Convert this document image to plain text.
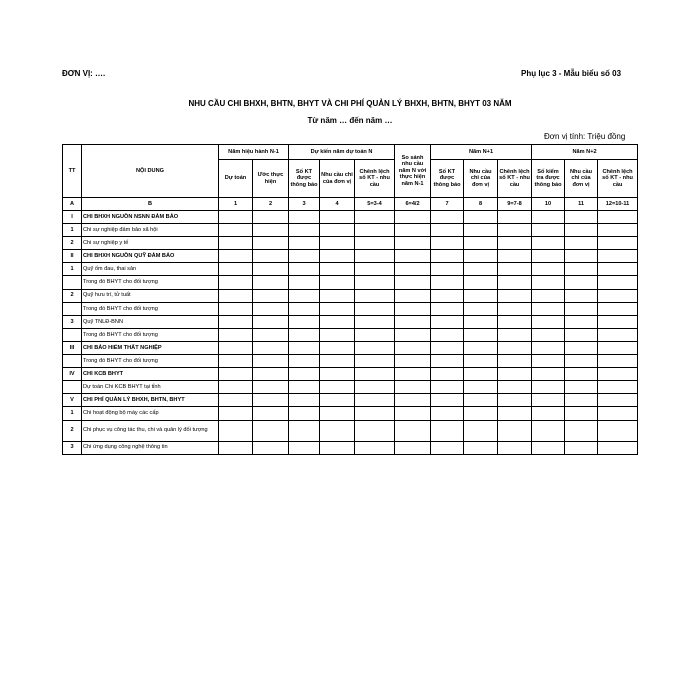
ĐƠN VỊ: ….	Phụ lục 3 - Mẫu biểu số 03
NHU CẦU CHI BHXH, BHTN, BHYT VÀ CHI PHÍ QUẢN LÝ BHXH, BHTN, BHYT 03 NĂM
Từ năm … đến năm …
Đơn vị tính: Triệu đồng
TT	NỘI DUNG	Năm hiệu hành N-1		Dự kiến năm dự toán N			So sánh nhu cầu năm N với thực hiện năm N-1	Năm N+1			Năm N+2		
		Dự toán	Ước thực hiện	Số KT được thông báo	Nhu cầu chi của đơn vị	Chênh lệch số KT - nhu cầu		Số KT được thông báo	Nhu cầu chi của đơn vị	Chênh lệch số KT - nhu cầu	Số kiểm tra được thông báo	Nhu cầu chi của đơn vị	Chênh lệch số KT - nhu cầu
A	B	1	2	3	4	5=3-4	6=4/2	7	8	9=7-8	10	11	12=10-11
I	CHI BHXH NGUỒN NSNN ĐẢM BẢO												
1	Chi sự nghiệp đảm bảo xã hội												
2	Chi sự nghiệp y tế												
II	CHI BHXH NGUỒN QUỸ ĐẢM BẢO												
1	Quỹ ốm đau, thai sản												
	Trong đó BHYT cho đối tượng												
2	Quỹ hưu trí, tử tuất												
	Trong đó BHYT cho đối tượng												
3	Quỹ TNLĐ-BNN												
	Trong đó BHYT cho đối tượng												
III	CHI BẢO HIỂM THẤT NGHIỆP												
	Trong đó BHYT cho đối tượng												
IV	CHI KCB BHYT												
	Dự toán Chi KCB BHYT tại tỉnh												
V	CHI PHÍ QUẢN LÝ BHXH, BHTN, BHYT												
1	Chi hoạt động bộ máy các cấp												
2	Chi phục vụ công tác thu, chi và quản lý đối tượng												
3	Chi ứng dụng công nghệ thông tin												
